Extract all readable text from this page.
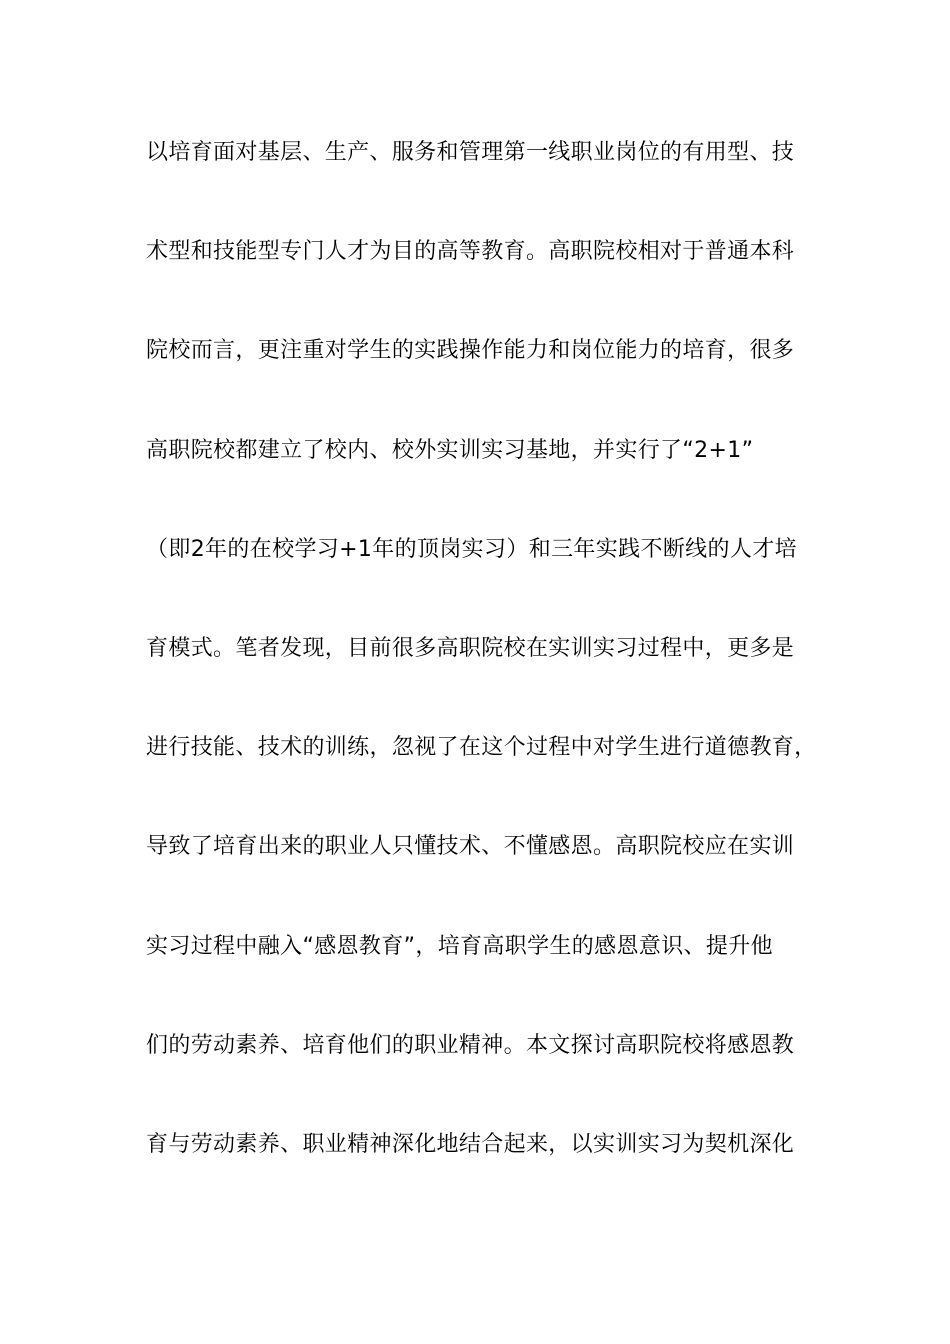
以培育面对基层、生产、服务和管理第一线职业岗位的有用型、技
术型和技能型专门人才为目的高等教育。高职院校相对于普通本科
院校而言，更注重对学生的实践操作能力和岗位能力的培育，很多
高职院校都建立了校内、校外实训实习基地，并实行了“2+1”
（即2年的在校学习+1年的顶岗实习）和三年实践不断线的人才培
育模式。笔者发现，目前很多高职院校在实训实习过程中，更多是
进行技能、技术的训练，忽视了在这个过程中对学生进行道德教育，
导致了培育出来的职业人只懂技术、不懂感恩。高职院校应在实训
实习过程中融入“感恩教育”，培育高职学生的感恩意识、提升他
们的劳动素养、培育他们的职业精神。本文探讨高职院校将感恩教
育与劳动素养、职业精神深化地结合起来，以实训实习为契机深化
